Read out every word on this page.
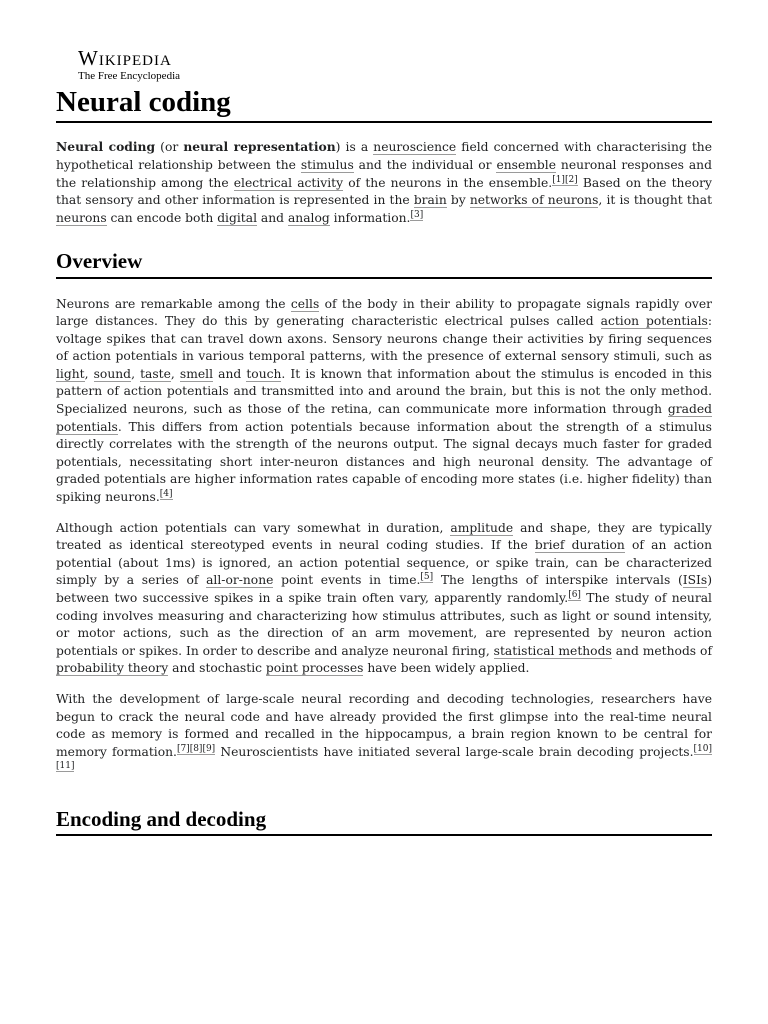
Wikipedia
The Free Encyclopedia
Neural coding

Neural coding (or neural representation) is a neuroscience field concerned with characterising the hypothetical relationship between the stimulus and the individual or ensemble neuronal responses and the relationship among the electrical activity of the neurons in the ensemble.[1][2] Based on the theory that sensory and other information is represented in the brain by networks of neurons, it is thought that neurons can encode both digital and analog information.[3]

Overview

Neurons are remarkable among the cells of the body in their ability to propagate signals rapidly over large distances. They do this by generating characteristic electrical pulses called action potentials: voltage spikes that can travel down axons. Sensory neurons change their activities by firing sequences of action potentials in various temporal patterns, with the presence of external sensory stimuli, such as light, sound, taste, smell and touch. It is known that information about the stimulus is encoded in this pattern of action potentials and transmitted into and around the brain, but this is not the only method. Specialized neurons, such as those of the retina, can communicate more information through graded potentials. This differs from action potentials because information about the strength of a stimulus directly correlates with the strength of the neurons output. The signal decays much faster for graded potentials, necessitating short inter-neuron distances and high neuronal density. The advantage of graded potentials are higher information rates capable of encoding more states (i.e. higher fidelity) than spiking neurons.[4]

Although action potentials can vary somewhat in duration, amplitude and shape, they are typically treated as identical stereotyped events in neural coding studies. If the brief duration of an action potential (about 1ms) is ignored, an action potential sequence, or spike train, can be characterized simply by a series of all-or-none point events in time.[5] The lengths of interspike intervals (ISIs) between two successive spikes in a spike train often vary, apparently randomly.[6] The study of neural coding involves measuring and characterizing how stimulus attributes, such as light or sound intensity, or motor actions, such as the direction of an arm movement, are represented by neuron action potentials or spikes. In order to describe and analyze neuronal firing, statistical methods and methods of probability theory and stochastic point processes have been widely applied.

With the development of large-scale neural recording and decoding technologies, researchers have begun to crack the neural code and have already provided the first glimpse into the real-time neural code as memory is formed and recalled in the hippocampus, a brain region known to be central for memory formation.[7][8][9] Neuroscientists have initiated several large-scale brain decoding projects.[10][11]

Encoding and decoding
